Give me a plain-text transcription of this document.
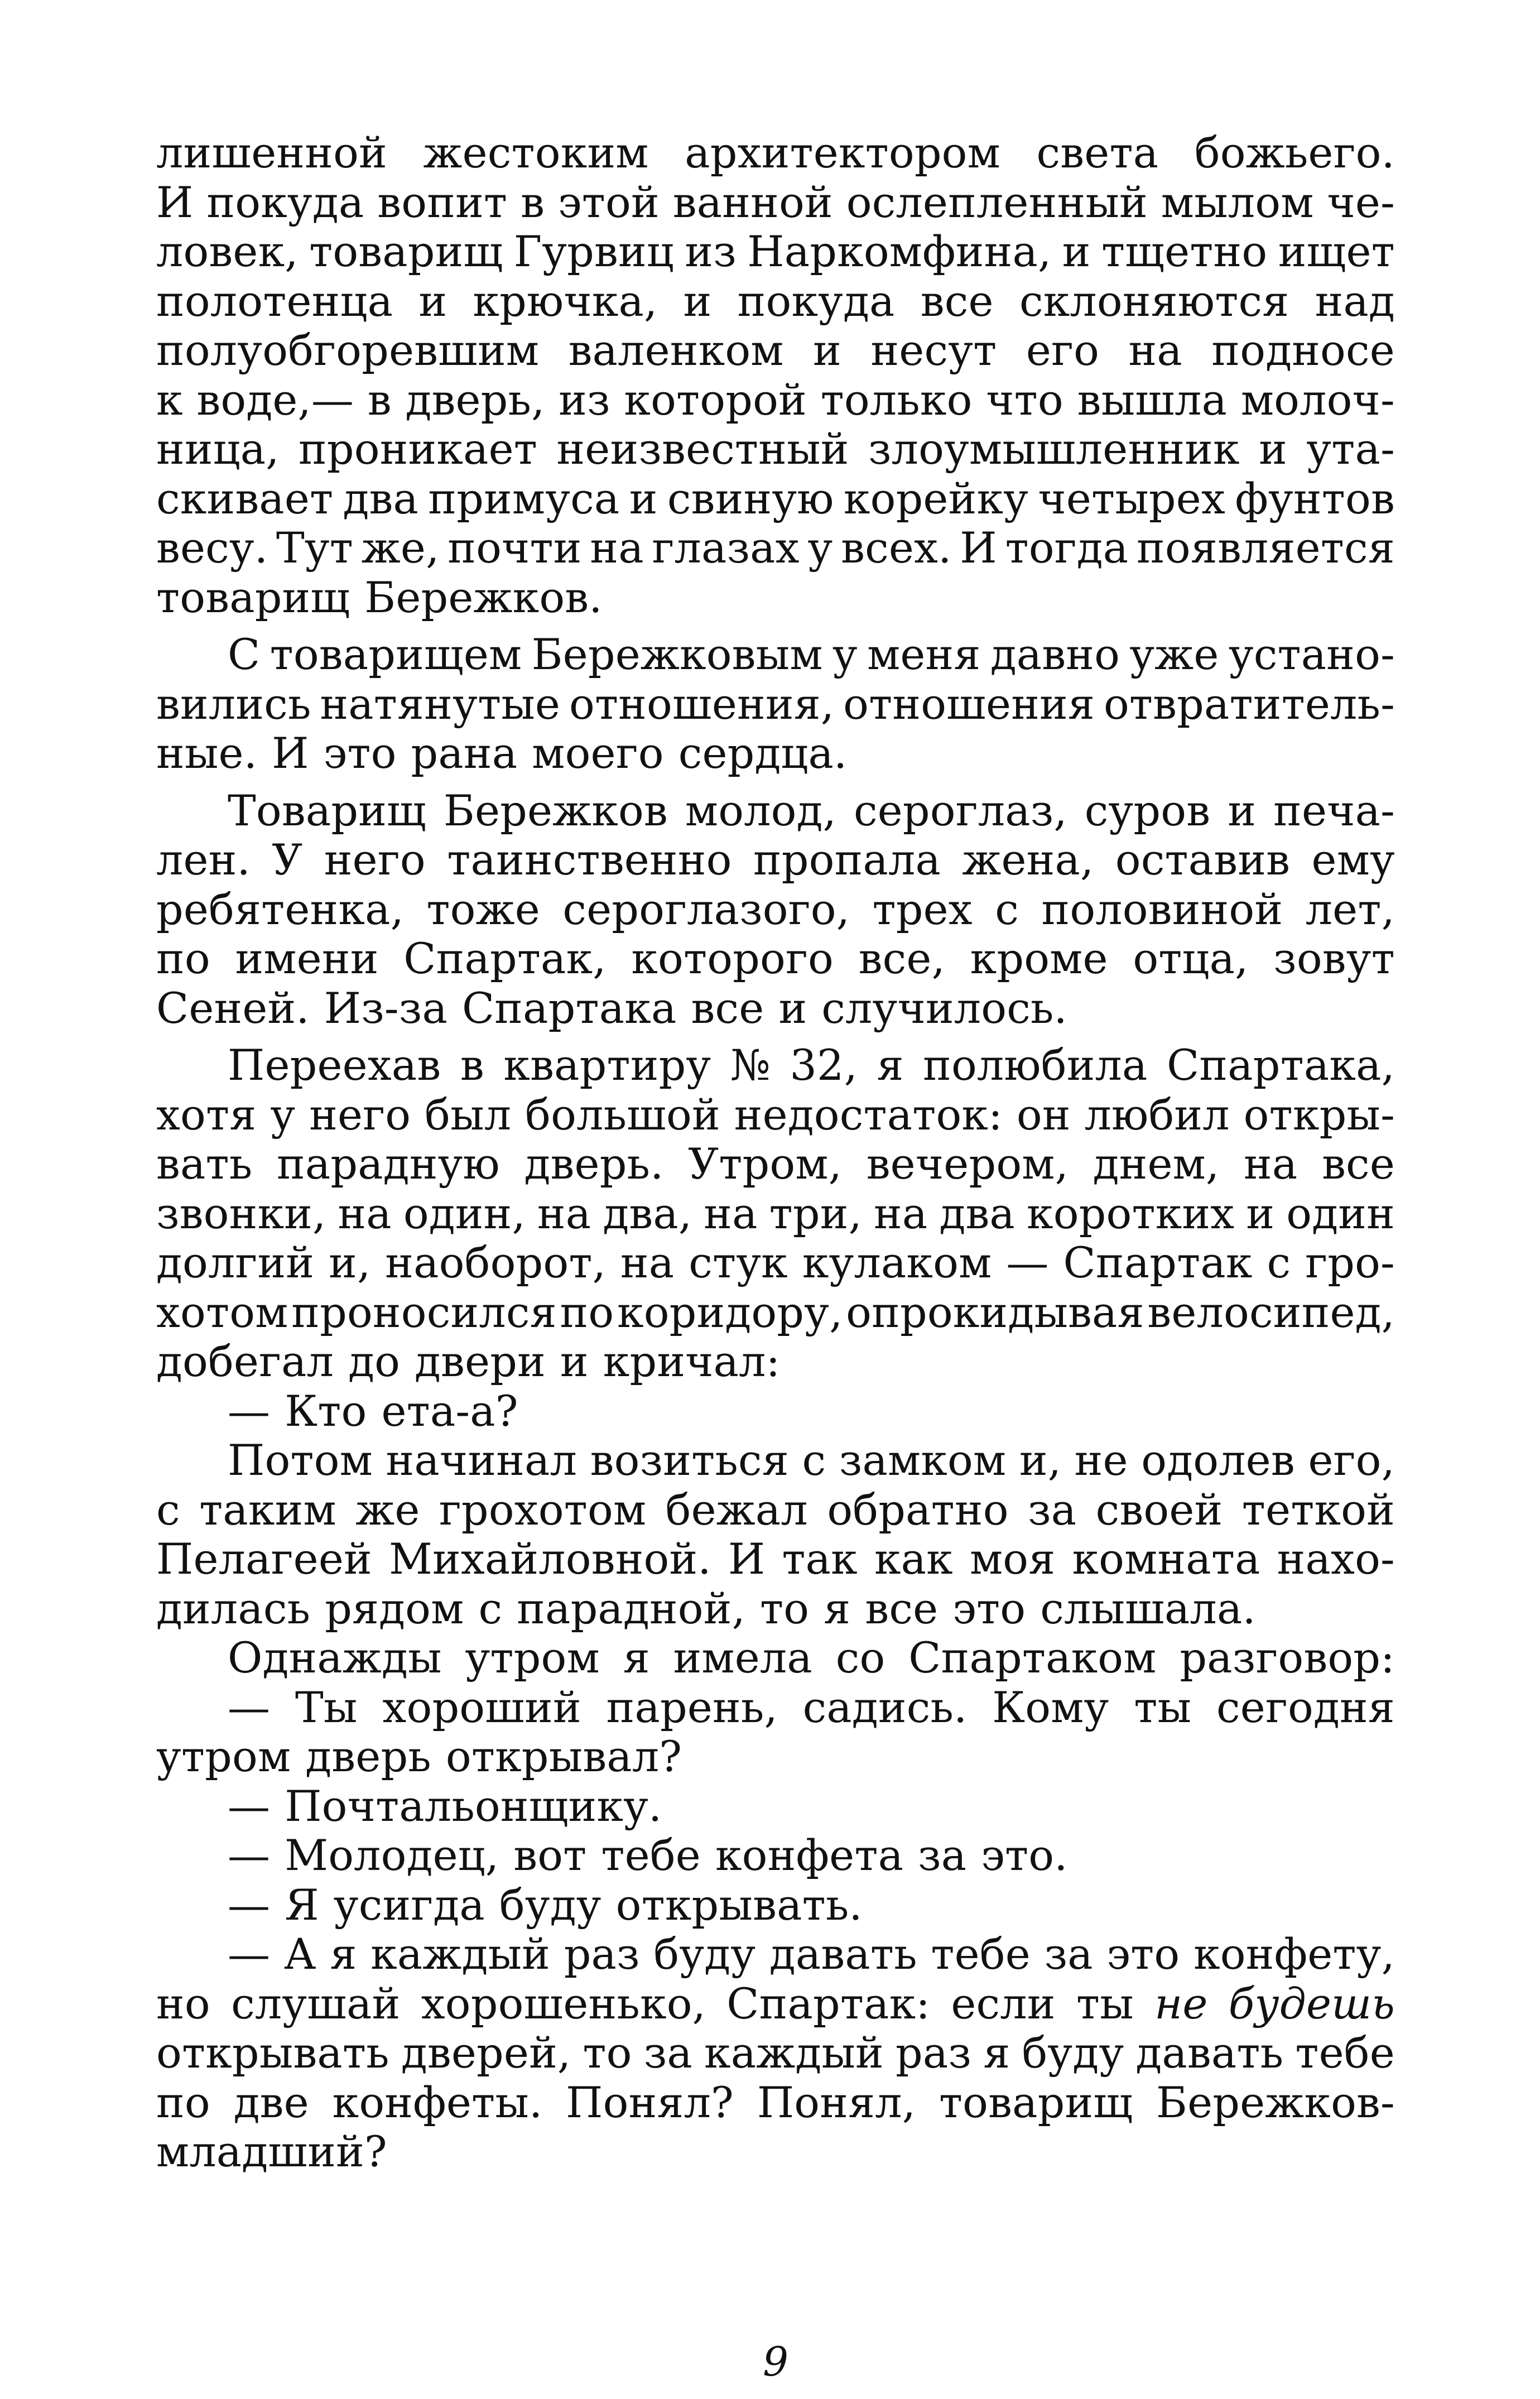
лишенной жестоким архитектором света божьего.
И покуда вопит в этой ванной ослепленный мылом че-
ловек, товарищ Гурвиц из Наркомфина, и тщетно ищет
полотенца и крючка, и покуда все склоняются над
полуобгоревшим валенком и несут его на подносе
к воде,— в дверь, из которой только что вышла молоч-
ница, проникает неизвестный злоумышленник и ута-
скивает два примуса и свиную корейку четырех фунтов
весу. Тут же, почти на глазах у всех. И тогда появляется
товарищ Бережков.
С товарищем Бережковым у меня давно уже устано-
вились натянутые отношения, отношения отвратитель-
ные. И это рана моего сердца.
Товарищ Бережков молод, сероглаз, суров и печа-
лен. У него таинственно пропала жена, оставив ему
ребятенка, тоже сероглазого, трех с половиной лет,
по имени Спартак, которого все, кроме отца, зовут
Сеней. Из-за Спартака все и случилось.
Переехав в квартиру № 32, я полюбила Спартака,
хотя у него был большой недостаток: он любил откры-
вать парадную дверь. Утром, вечером, днем, на все
звонки, на один, на два, на три, на два коротких и один
долгий и, наоборот, на стук кулаком — Спартак с гро-
хотом проносился по коридору, опрокидывая велосипед,
добегал до двери и кричал:
— Кто ета-а?
Потом начинал возиться с замком и, не одолев его,
с таким же грохотом бежал обратно за своей теткой
Пелагеей Михайловной. И так как моя комната нахо-
дилась рядом с парадной, то я все это слышала.
Однажды утром я имела со Спартаком разговор:
— Ты хороший парень, садись. Кому ты сегодня
утром дверь открывал?
— Почтальонщику.
— Молодец, вот тебе конфета за это.
— Я усигда буду открывать.
— А я каждый раз буду давать тебе за это конфету,
но слушай хорошенько, Спартак: если ты не будешь
открывать дверей, то за каждый раз я буду давать тебе
по две конфеты. Понял? Понял, товарищ Бережков-
младший?
9
